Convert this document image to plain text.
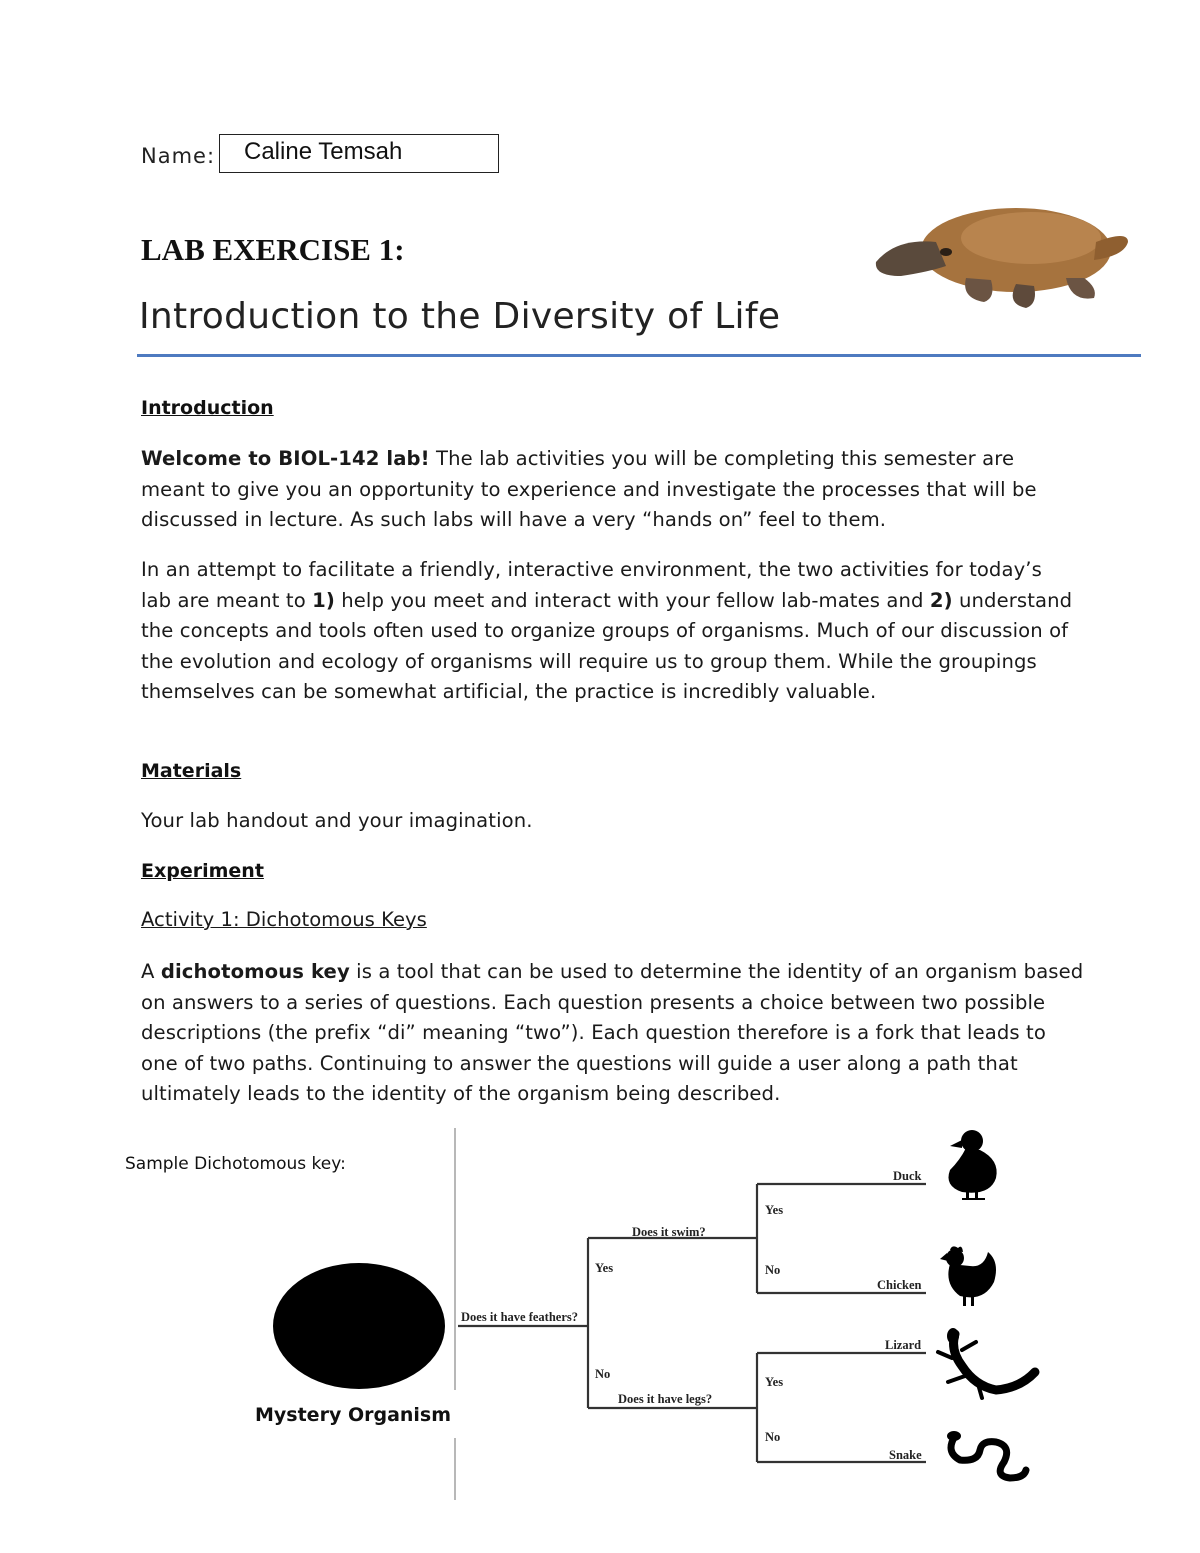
Name:	Caline Temsah
LAB EXERCISE 1:
Introduction to the Diversity of Life
Introduction
Welcome to BIOL-142 lab! The lab activities you will be completing this semester are meant to give you an opportunity to experience and investigate the processes that will be discussed in lecture. As such labs will have a very “hands on” feel to them.
In an attempt to facilitate a friendly, interactive environment, the two activities for today’s lab are meant to 1) help you meet and interact with your fellow lab-mates and 2) understand the concepts and tools often used to organize groups of organisms. Much of our discussion of the evolution and ecology of organisms will require us to group them. While the groupings themselves can be somewhat artificial, the practice is incredibly valuable.
Materials
Your lab handout and your imagination.
Experiment
Activity 1: Dichotomous Keys
A dichotomous key is a tool that can be used to determine the identity of an organism based on answers to a series of questions. Each question presents a choice between two possible descriptions (the prefix “di” meaning “two”). Each question therefore is a fork that leads to one of two paths. Continuing to answer the questions will guide a user along a path that ultimately leads to the identity of the organism being described.
Sample Dichotomous key:
Mystery Organism
Does it have feathers?
Does it swim?
Does it have legs?
Yes
No
Yes
No
Yes
No
Duck
Chicken
Lizard
Snake
